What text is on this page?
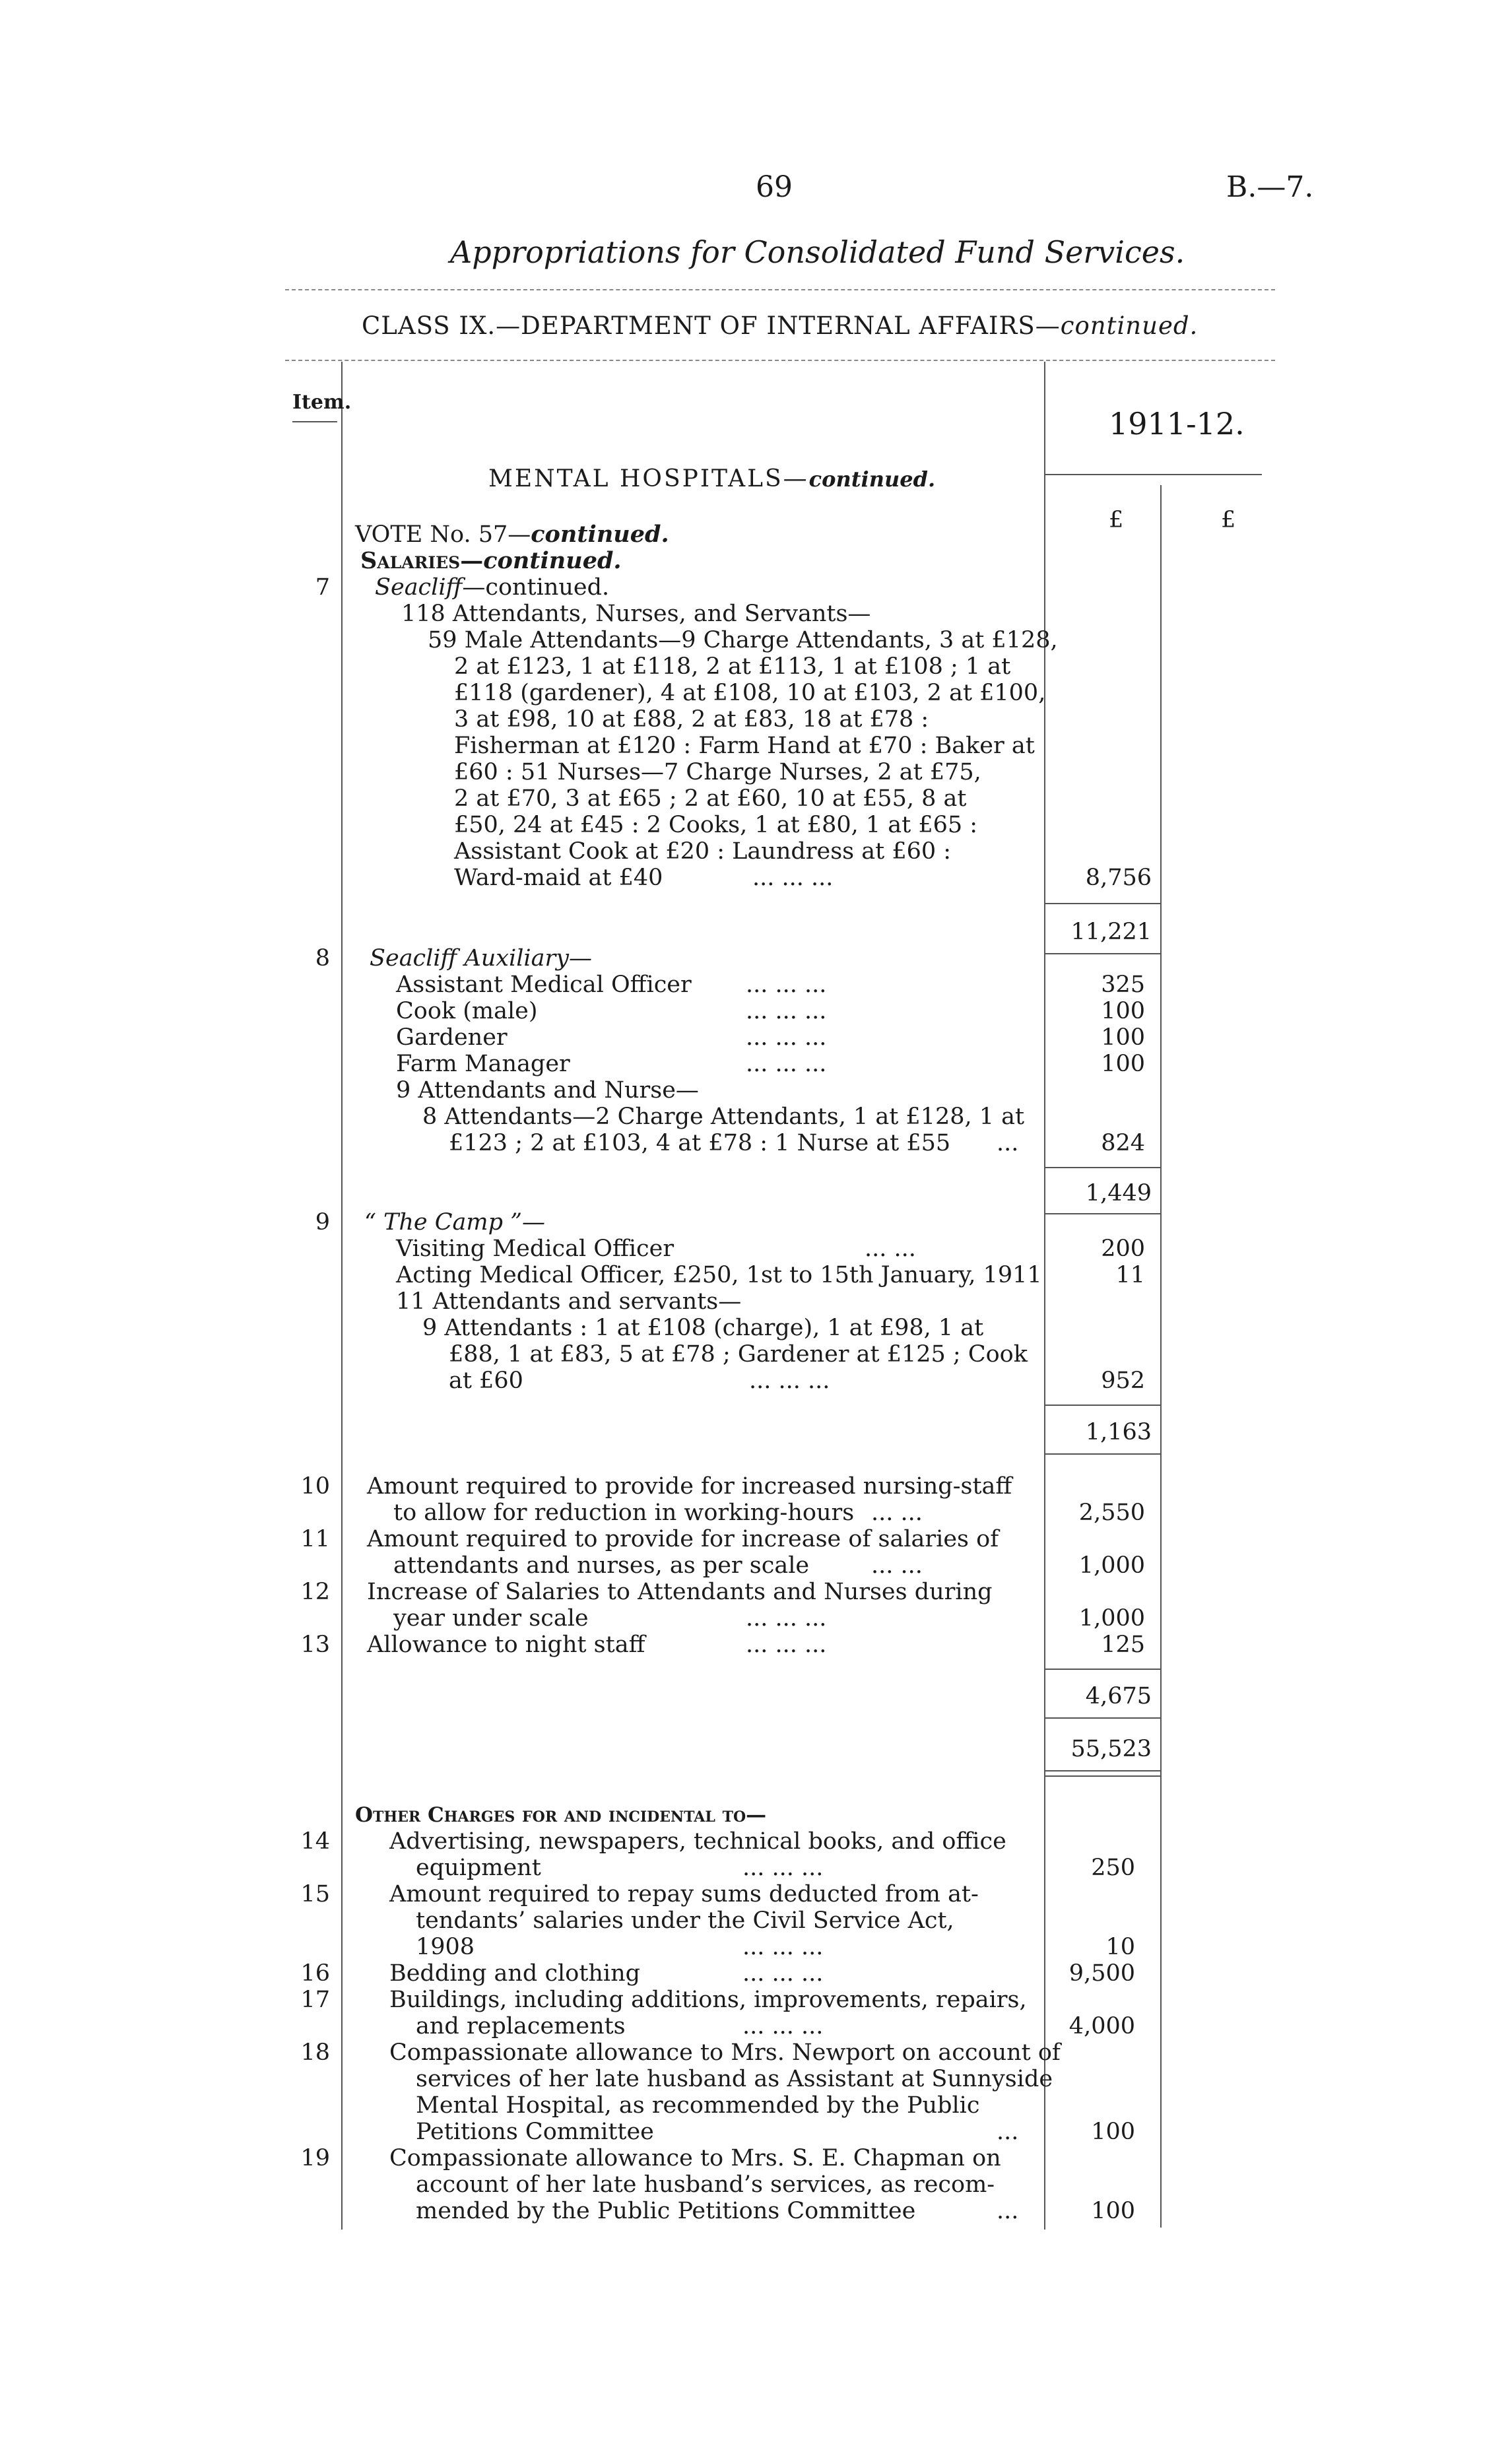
69	B.—7.
Appropriations for Consolidated Fund Services.
CLASS IX.—DEPARTMENT OF INTERNAL AFFAIRS—continued.
Item.
1911-12.
£	£
MENTAL HOSPITALS—continued.
VOTE No. 57—continued.
Salaries—continued.
7 Seacliff—continued.
118 Attendants, Nurses, and Servants—
59 Male Attendants—9 Charge Attendants, 3 at £128,
2 at £123, 1 at £118, 2 at £113, 1 at £108 ; 1 at
£118 (gardener), 4 at £108, 10 at £103, 2 at £100,
3 at £98, 10 at £88, 2 at £83, 18 at £78 :
Fisherman at £120 : Farm Hand at £70 : Baker at
£60 : 51 Nurses—7 Charge Nurses, 2 at £75,
2 at £70, 3 at £65 ; 2 at £60, 10 at £55, 8 at
£50, 24 at £45 : 2 Cooks, 1 at £80, 1 at £65 :
Assistant Cook at £20 : Laundress at £60 :
Ward-maid at £40	... ... ...	8,756
11,221
8 Seacliff Auxiliary—
Assistant Medical Officer ... ... ...	325
Cook (male)	... ... ...	100
Gardener	... ... ...	100
Farm Manager	... ... ...	100
9 Attendants and Nurse—
8 Attendants—2 Charge Attendants, 1 at £128, 1 at
£123 ; 2 at £103, 4 at £78 : 1 Nurse at £55 ...	824
1,449
9 “ The Camp ”—
Visiting Medical Officer	... ...	200
Acting Medical Officer, £250, 1st to 15th January, 1911	11
11 Attendants and servants—
9 Attendants : 1 at £108 (charge), 1 at £98, 1 at
£88, 1 at £83, 5 at £78 ; Gardener at £125 ; Cook
at £60	... ... ...	952
1,163
10 Amount required to provide for increased nursing-staff
to allow for reduction in working-hours ... ...	2,550
11 Amount required to provide for increase of salaries of
attendants and nurses, as per scale	... ...	1,000
12 Increase of Salaries to Attendants and Nurses during
year under scale	... ... ...	1,000
13 Allowance to night staff	... ... ...	125
4,675
55,523
Other Charges for and incidental to—
14	Advertising, newspapers, technical books, and office
equipment	... ... ...	250
15	Amount required to repay sums deducted from at-
tendants’ salaries under the Civil Service Act,
1908	... ... ...	10
16	Bedding and clothing	... ... ...	9,500
17	Buildings, including additions, improvements, repairs,
and replacements	... ... ...	4,000
18	Compassionate allowance to Mrs. Newport on account of
services of her late husband as Assistant at Sunnyside
Mental Hospital, as recommended by the Public
Petitions Committee	...	100
19	Compassionate allowance to Mrs. S. E. Chapman on
account of her late husband’s services, as recom-
mended by the Public Petitions Committee	...	100
